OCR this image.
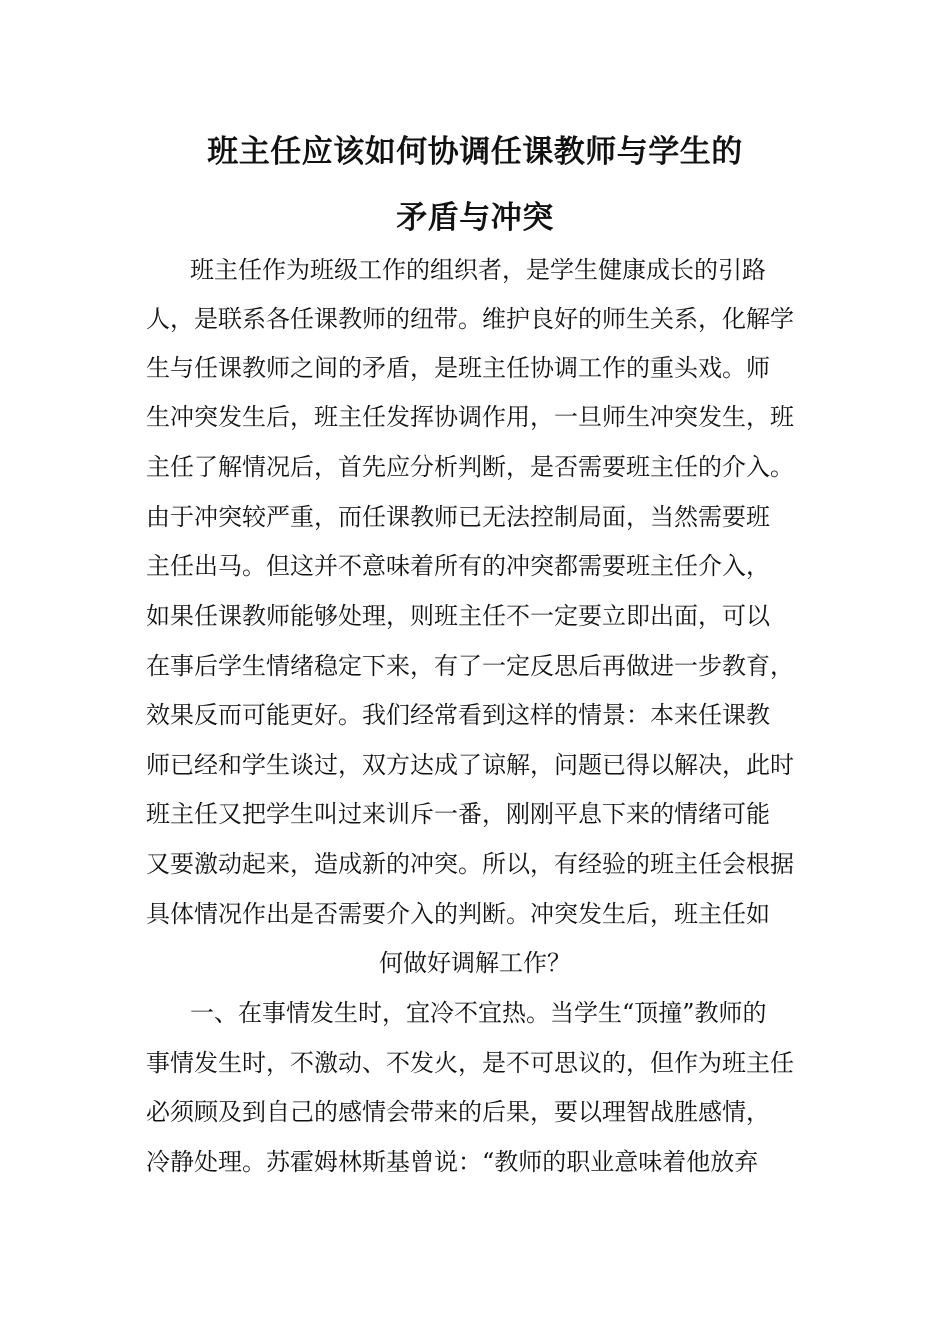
班主任应该如何协调任课教师与学生的
矛盾与冲突
班主任作为班级工作的组织者，是学生健康成长的引路
人，是联系各任课教师的纽带。维护良好的师生关系，化解学
生与任课教师之间的矛盾，是班主任协调工作的重头戏。师
生冲突发生后，班主任发挥协调作用，一旦师生冲突发生，班
主任了解情况后，首先应分析判断，是否需要班主任的介入。
由于冲突较严重，而任课教师已无法控制局面，当然需要班
主任出马。但这并不意味着所有的冲突都需要班主任介入，
如果任课教师能够处理，则班主任不一定要立即出面，可以
在事后学生情绪稳定下来，有了一定反思后再做进一步教育，
效果反而可能更好。我们经常看到这样的情景：本来任课教
师已经和学生谈过，双方达成了谅解，问题已得以解决，此时
班主任又把学生叫过来训斥一番，刚刚平息下来的情绪可能
又要激动起来，造成新的冲突。所以，有经验的班主任会根据
具体情况作出是否需要介入的判断。冲突发生后，班主任如
何做好调解工作？
一、在事情发生时，宜冷不宜热。当学生“顶撞”教师的
事情发生时，不激动、不发火，是不可思议的，但作为班主任
必须顾及到自己的感情会带来的后果，要以理智战胜感情，
冷静处理。苏霍姆林斯基曾说：“教师的职业意味着他放弃
